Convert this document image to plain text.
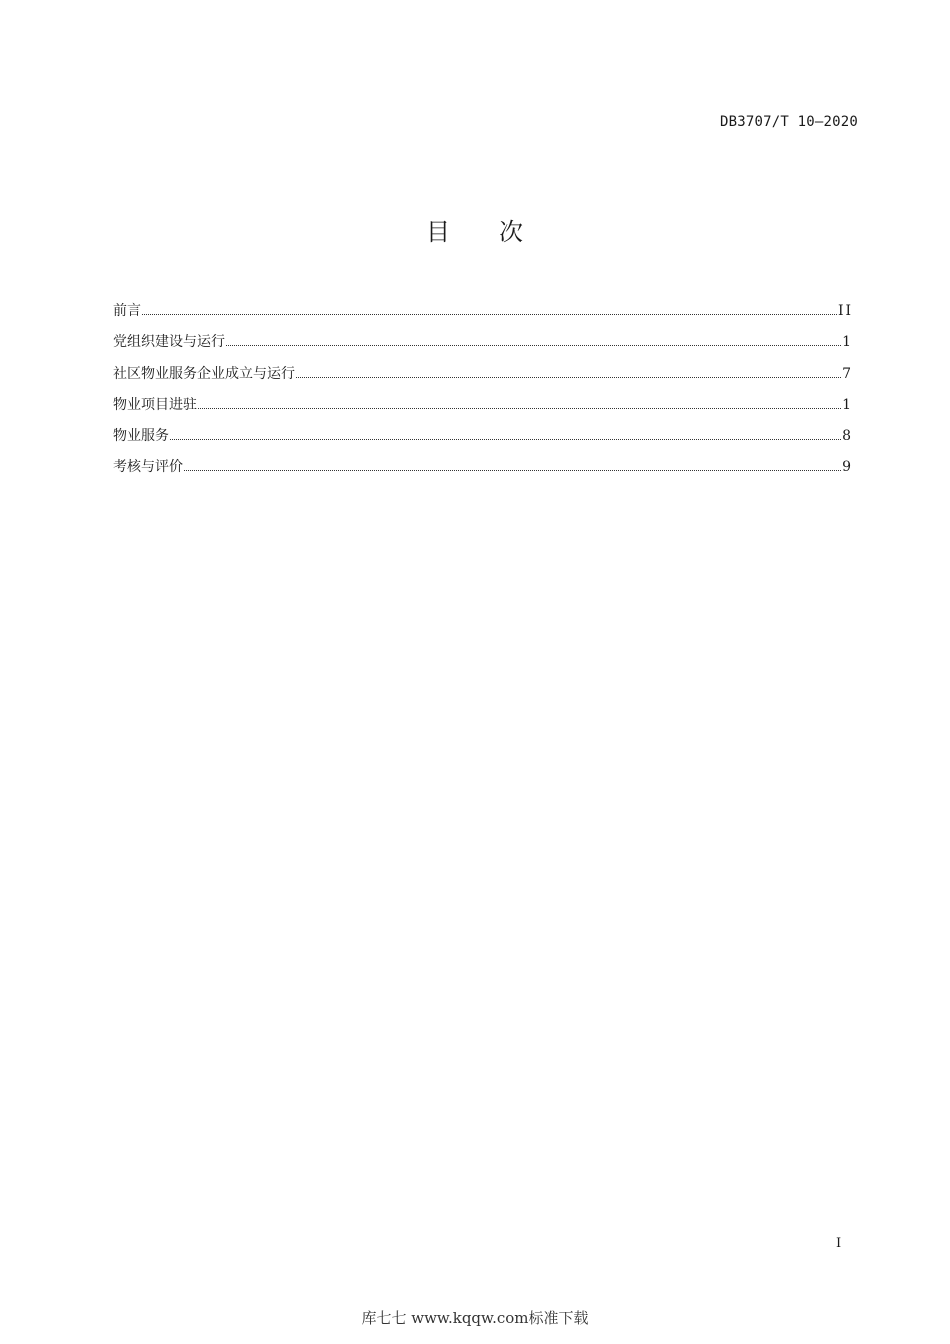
DB3707/T 10—2020
目 次
前言	II
党组织建设与运行	1
社区物业服务企业成立与运行	7
物业项目进驻	1
物业服务	8
考核与评价	9
I
库七七 www.kqqw.com标准下载
